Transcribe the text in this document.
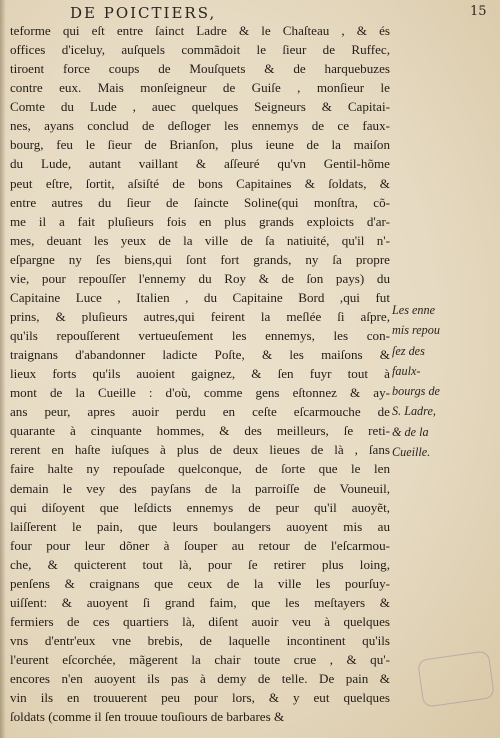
DE POICTIERS,	15
teforme qui eſt entre ſainct Ladre & le Chaſteau , & és
offices d'iceluy, auſquels commãdoit le ſieur de Ruffec,
tiroent force coups de Mouſquets & de harquebuzes
contre eux. Mais monſeigneur de Guiſe , monſieur le
Comte du Lude , auec quelques Seigneurs & Capitai-
nes, ayans conclud de deſloger les ennemys de ce faux-
bourg, feu le ſieur de Brianſon, plus ieune de la maiſon
du Lude, autant vaillant & aſſeuré qu'vn Gentil-hõme
peut eſtre, ſortit, aſsiſté de bons Capitaines & ſoldats, &
entre autres du ſieur de ſaincte Soline(qui monſtra, cõ-
me il a fait pluſieurs fois en plus grands exploicts d'ar-
mes, deuant les yeux de la ville de ſa natiuité, qu'il n'-
eſpargne ny ſes biens,qui ſont fort grands, ny ſa propre
vie, pour repouſſer l'ennemy du Roy & de ſon pays) du
Capitaine Luce , Italien , du Capitaine Bord ,qui fut
prins, & pluſieurs autres,qui feirent la meſlée ſi aſpre,
qu'ils repouſſerent vertueuſement les ennemys, les con-
traignans d'abandonner ladicte Poſte, & les maiſons &
lieux forts qu'ils auoient gaignez, & ſen fuyr tout à
mont de la Cueille : d'où, comme gens eſtonnez & ay-
ans peur, apres auoir perdu en ceſte eſcarmouche de
quarante à cinquante hommes, & des meilleurs, ſe reti-
rerent en haſte iuſques à plus de deux lieues de là , ſans
faire halte ny repouſade quelconque, de ſorte que le len
demain le vey des payſans de la parroiſſe de Vouneuil,
qui diſoyent que leſdicts ennemys de peur qu'il auoyẽt,
laiſſerent le pain, que leurs boulangers auoyent mis au
four pour leur dõner à ſouper au retour de l'eſcarmou-
che, & quicterent tout là, pour ſe retirer plus loing,
penſens & craignans que ceux de la ville les pourſuy-
uiſſent: & auoyent ſi grand faim, que les meſtayers &
fermiers de ces quartiers là, diſent auoir veu à quelques
vns d'entr'eux vne brebis, de laquelle incontinent qu'ils
l'eurent eſcorchée, mãgerent la chair toute crue , & qu'-
encores n'en auoyent ils pas à demy de telle. De pain &
vin ils en trouuerent peu pour lors, & y eut quelques
ſoldats (comme il ſen trouue touſiours de barbares &
Les enne
mis repou
ſez des
faulx-
bourgs de
S. Ladre,
& de la
Cueille.
